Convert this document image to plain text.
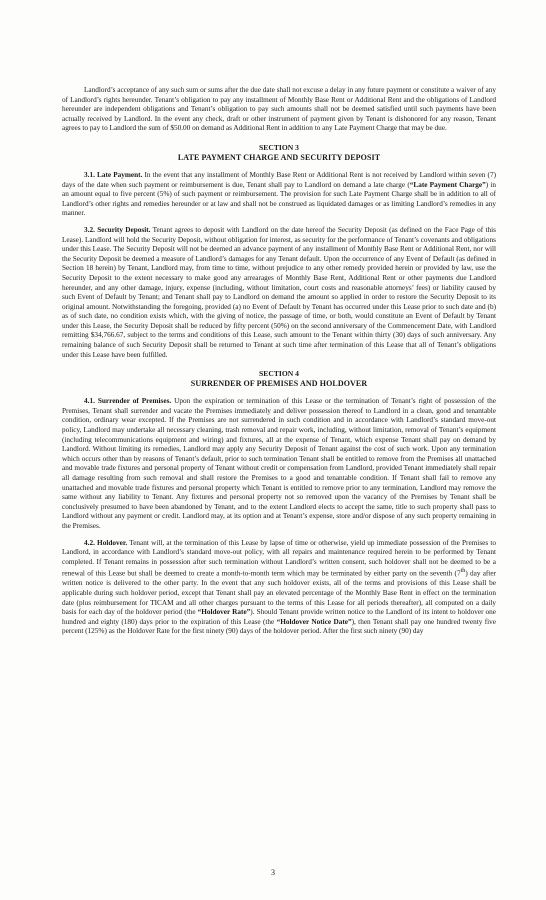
Landlord’s acceptance of any such sum or sums after the due date shall not excuse a delay in any future payment or constitute a waiver of any of Landlord’s rights hereunder. Tenant’s obligation to pay any installment of Monthly Base Rent or Additional Rent and the obligations of Landlord hereunder are independent obligations and Tenant’s obligation to pay such amounts shall not be deemed satisfied until such payments have been actually received by Landlord. In the event any check, draft or other instrument of payment given by Tenant is dishonored for any reason, Tenant agrees to pay to Landlord the sum of $50.00 on demand as Additional Rent in addition to any Late Payment Charge that may be due.

SECTION 3
LATE PAYMENT CHARGE AND SECURITY DEPOSIT

3.1. Late Payment. In the event that any installment of Monthly Base Rent or Additional Rent is not received by Landlord within seven (7) days of the date when such payment or reimbursement is due, Tenant shall pay to Landlord on demand a late charge (“Late Payment Charge”) in an amount equal to five percent (5%) of such payment or reimbursement. The provision for such Late Payment Charge shall be in addition to all of Landlord’s other rights and remedies hereunder or at law and shall not be construed as liquidated damages or as limiting Landlord’s remedies in any manner.

3.2. Security Deposit. Tenant agrees to deposit with Landlord on the date hereof the Security Deposit (as defined on the Face Page of this Lease). Landlord will hold the Security Deposit, without obligation for interest, as security for the performance of Tenant’s covenants and obligations under this Lease. The Security Deposit will not be deemed an advance payment of any installment of Monthly Base Rent or Additional Rent, nor will the Security Deposit be deemed a measure of Landlord’s damages for any Tenant default. Upon the occurrence of any Event of Default (as defined in Section 18 herein) by Tenant, Landlord may, from time to time, without prejudice to any other remedy provided herein or provided by law, use the Security Deposit to the extent necessary to make good any arrearages of Monthly Base Rent, Additional Rent or other payments due Landlord hereunder, and any other damage, injury, expense (including, without limitation, court costs and reasonable attorneys’ fees) or liability caused by such Event of Default by Tenant; and Tenant shall pay to Landlord on demand the amount so applied in order to restore the Security Deposit to its original amount. Notwithstanding the foregoing, provided (a) no Event of Default by Tenant has occurred under this Lease prior to such date and (b) as of such date, no condition exists which, with the giving of notice, the passage of time, or both, would constitute an Event of Default by Tenant under this Lease, the Security Deposit shall be reduced by fifty percent (50%) on the second anniversary of the Commencement Date, with Landlord remitting $34,766.67, subject to the terms and conditions of this Lease, such amount to the Tenant within thirty (30) days of such anniversary. Any remaining balance of such Security Deposit shall be returned to Tenant at such time after termination of this Lease that all of Tenant’s obligations under this Lease have been fulfilled.

SECTION 4
SURRENDER OF PREMISES AND HOLDOVER

4.1. Surrender of Premises. Upon the expiration or termination of this Lease or the termination of Tenant’s right of possession of the Premises, Tenant shall surrender and vacate the Premises immediately and deliver possession thereof to Landlord in a clean, good and tenantable condition, ordinary wear excepted. If the Premises are not surrendered in such condition and in accordance with Landlord’s standard move-out policy, Landlord may undertake all necessary cleaning, trash removal and repair work, including, without limitation, removal of Tenant’s equipment (including telecommunications equipment and wiring) and fixtures, all at the expense of Tenant, which expense Tenant shall pay on demand by Landlord. Without limiting its remedies, Landlord may apply any Security Deposit of Tenant against the cost of such work. Upon any termination which occurs other than by reasons of Tenant’s default, prior to such termination Tenant shall be entitled to remove from the Premises all unattached and movable trade fixtures and personal property of Tenant without credit or compensation from Landlord, provided Tenant immediately shall repair all damage resulting from such removal and shall restore the Premises to a good and tenantable condition. If Tenant shall fail to remove any unattached and movable trade fixtures and personal property which Tenant is entitled to remove prior to any termination, Landlord may remove the same without any liability to Tenant. Any fixtures and personal property not so removed upon the vacancy of the Premises by Tenant shall be conclusively presumed to have been abandoned by Tenant, and to the extent Landlord elects to accept the same, title to such property shall pass to Landlord without any payment or credit. Landlord may, at its option and at Tenant’s expense, store and/or dispose of any such property remaining in the Premises.

4.2. Holdover. Tenant will, at the termination of this Lease by lapse of time or otherwise, yield up immediate possession of the Premises to Landlord, in accordance with Landlord’s standard move-out policy, with all repairs and maintenance required herein to be performed by Tenant completed. If Tenant remains in possession after such termination without Landlord’s written consent, such holdover shall not be deemed to be a renewal of this Lease but shall be deemed to create a month-to-month term which may be terminated by either party on the seventh (7th) day after written notice is delivered to the other party. In the event that any such holdover exists, all of the terms and provisions of this Lease shall be applicable during such holdover period, except that Tenant shall pay an elevated percentage of the Monthly Base Rent in effect on the termination date (plus reimbursement for TICAM and all other charges pursuant to the terms of this Lease for all periods thereafter), all computed on a daily basis for each day of the holdover period (the “Holdover Rate”). Should Tenant provide written notice to the Landlord of its intent to holdover one hundred and eighty (180) days prior to the expiration of this Lease (the “Holdover Notice Date”), then Tenant shall pay one hundred twenty five percent (125%) as the Holdover Rate for the first ninety (90) days of the holdover period. After the first such ninety (90) day

3
